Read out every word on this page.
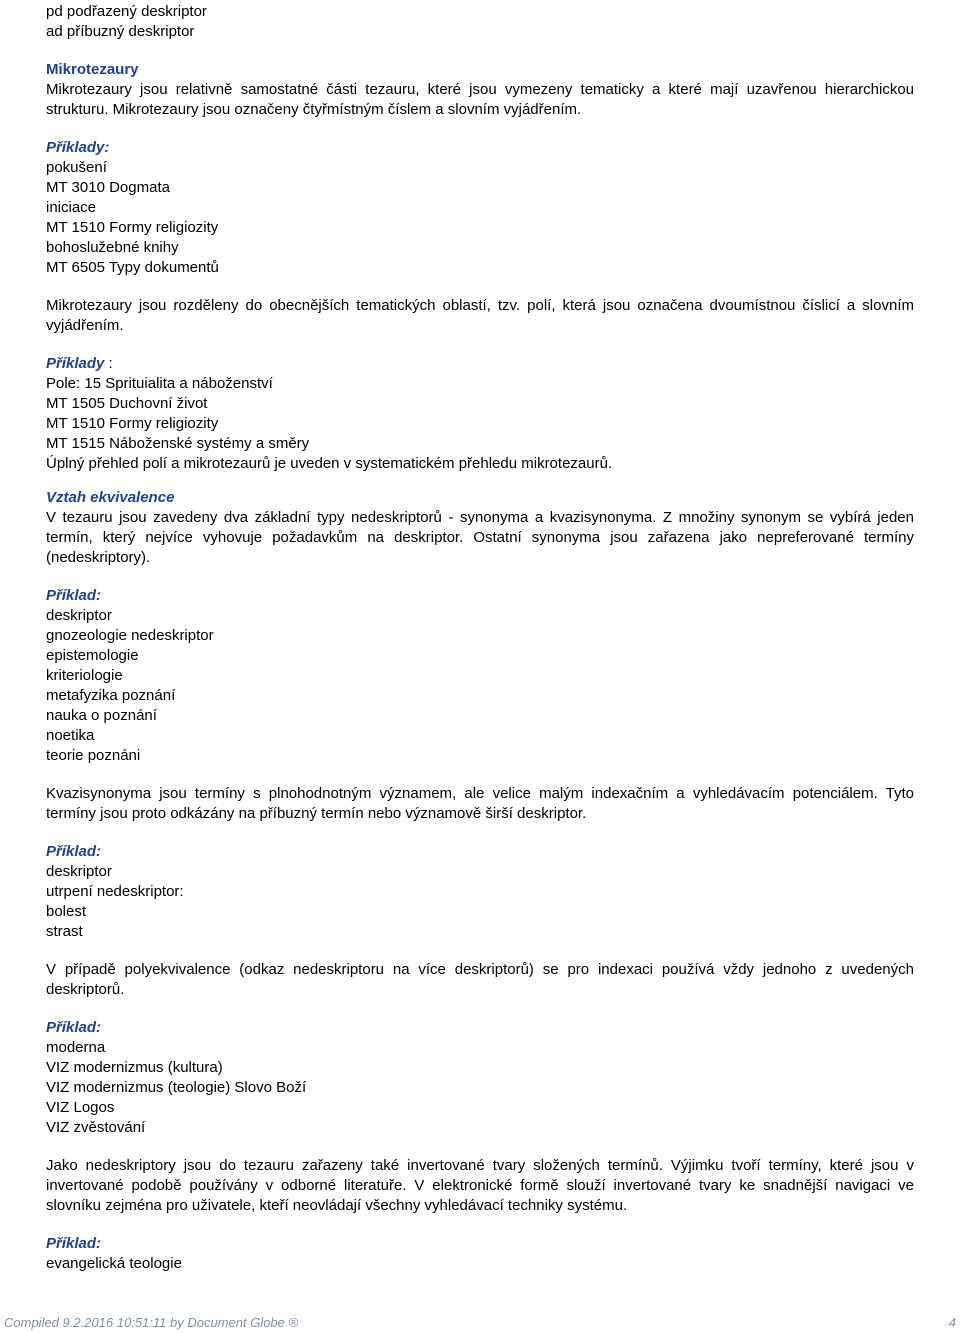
pd podřazený deskriptor
ad příbuzný deskriptor
Mikrotezaury
Mikrotezaury jsou relativně samostatné části tezauru, které jsou vymezeny tematicky a které mají uzavřenou hierarchickou strukturu. Mikrotezaury jsou označeny čtyřmístným číslem a slovním vyjádřením.
Příklady:
pokušení
MT 3010 Dogmata
iniciace
MT 1510 Formy religiozity
bohoslužebné knihy
MT 6505 Typy dokumentů
Mikrotezaury jsou rozděleny do obecnějších tematických oblastí, tzv. polí, která jsou označena dvoumístnou číslicí a slovním vyjádřením.
Příklady :
Pole: 15 Sprituialita a náboženství
MT 1505 Duchovní život
MT 1510 Formy religiozity
MT 1515 Náboženské systémy a směry
Úplný přehled polí a mikrotezaurů je uveden v systematickém přehledu mikrotezaurů.
Vztah ekvivalence
V tezauru jsou zavedeny dva základní typy nedeskriptorů - synonyma a kvazisynonyma. Z množiny synonym se vybírá jeden termín, který nejvíce vyhovuje požadavkům na deskriptor. Ostatní synonyma jsou zařazena jako nepreferované termíny (nedeskriptory).
Příklad:
deskriptor
gnozeologie nedeskriptor
epistemologie
kriteriologie
metafyzika poznání
nauka o poznání
noetika
teorie poznáni
Kvazisynonyma jsou termíny s plnohodnotným významem, ale velice malým indexačním a vyhledávacím potenciálem. Tyto termíny jsou proto odkázány na příbuzný termín nebo významově širší deskriptor.
Příklad:
deskriptor
utrpení nedeskriptor:
bolest
strast
V případě polyekvivalence (odkaz nedeskriptoru na více deskriptorů) se pro indexaci používá vždy jednoho z uvedených deskriptorů.
Příklad:
moderna
VIZ modernizmus (kultura)
VIZ modernizmus (teologie) Slovo Boží
VIZ Logos
VIZ zvěstování
Jako nedeskriptory jsou do tezauru zařazeny také invertované tvary složených termínů. Výjimku tvoří termíny, které jsou v invertované podobě používány v odborné literatuře. V elektronické formě slouží invertované tvary ke snadnější navigaci ve slovníku zejména pro uživatele, kteří neovládají všechny vyhledávací techniky systému.
Příklad:
evangelická teologie
Compiled 9.2.2016 10:51:11 by Document Globe ®	4
